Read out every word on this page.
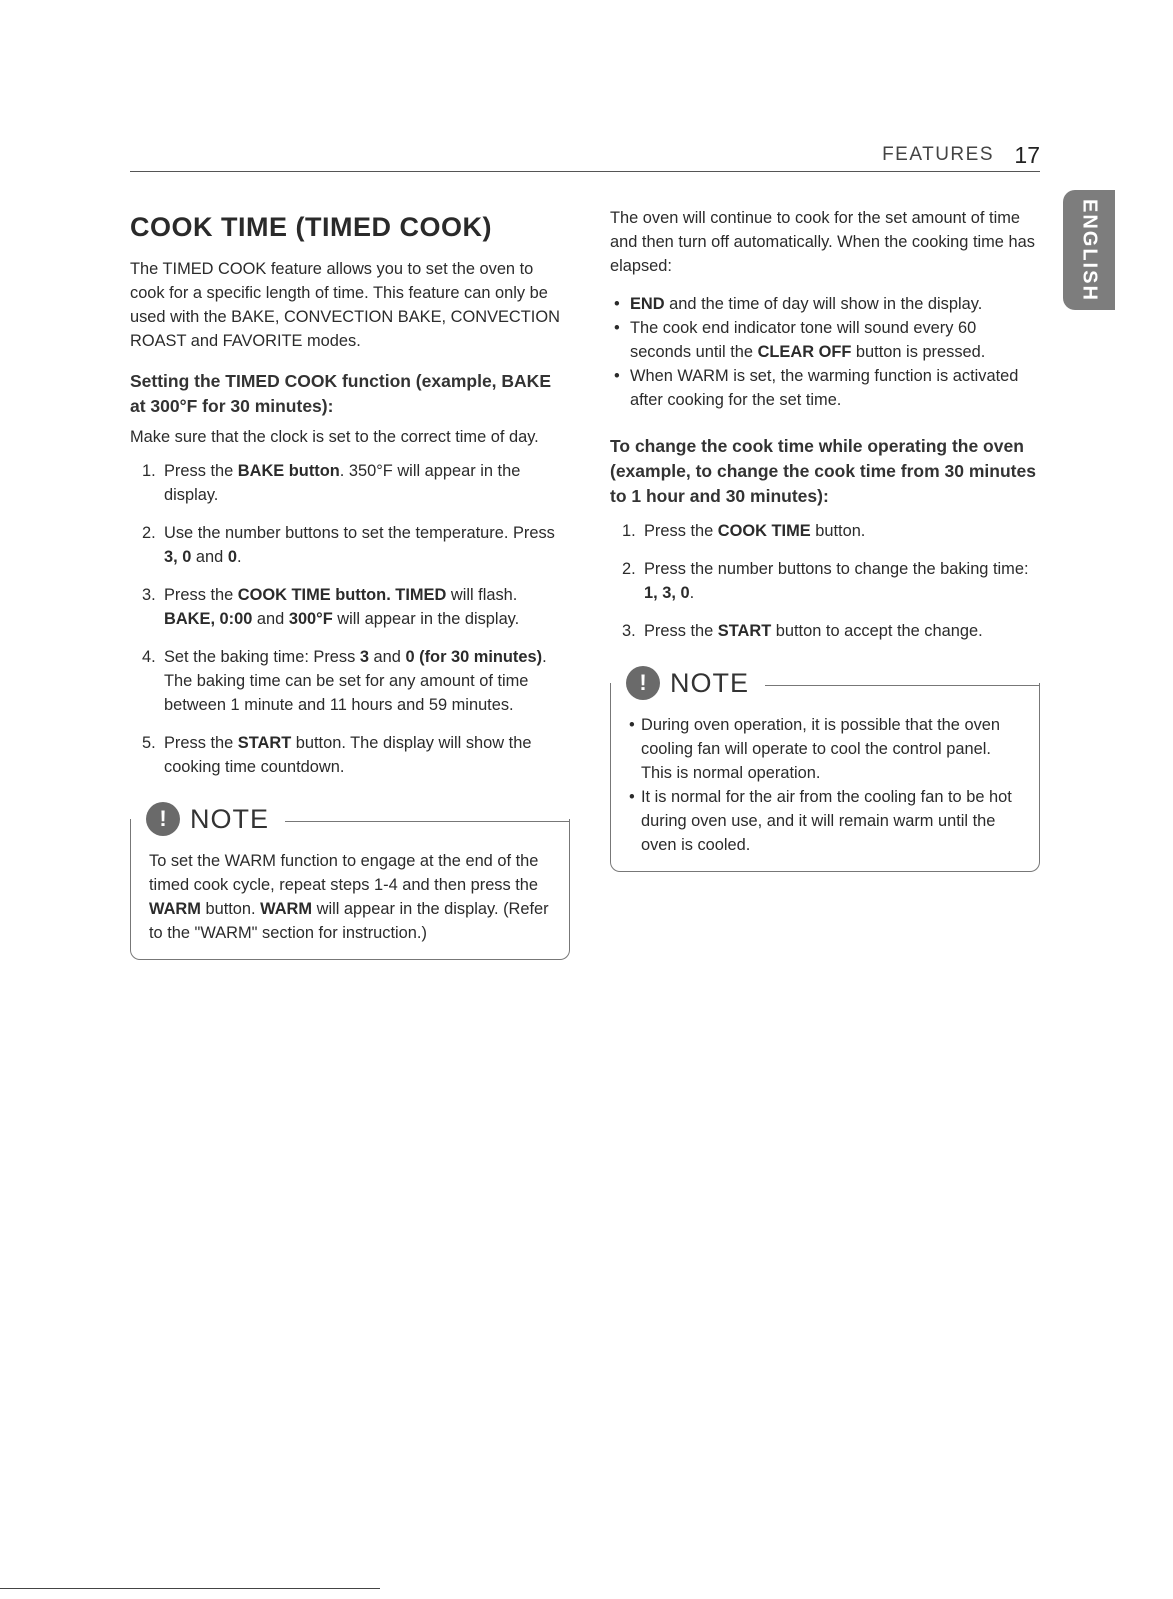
FEATURES 17
ENGLISH
COOK TIME (TIMED COOK)

The TIMED COOK feature allows you to set the oven to cook for a specific length of time. This feature can only be used with the BAKE, CONVECTION BAKE, CONVECTION ROAST and FAVORITE modes.

Setting the TIMED COOK function (example, BAKE at 300°F for 30 minutes):

Make sure that the clock is set to the correct time of day.

1. Press the BAKE button. 350°F will appear in the display.
2. Use the number buttons to set the temperature. Press 3, 0 and 0.
3. Press the COOK TIME button. TIMED will flash. BAKE, 0:00 and 300°F will appear in the display.
4. Set the baking time: Press 3 and 0 (for 30 minutes). The baking time can be set for any amount of time between 1 minute and 11 hours and 59 minutes.
5. Press the START button. The display will show the cooking time countdown.
! NOTE

To set the WARM function to engage at the end of the timed cook cycle, repeat steps 1-4 and then press the WARM button. WARM will appear in the display. (Refer to the "WARM" section for instruction.)

The oven will continue to cook for the set amount of time and then turn off automatically. When the cooking time has elapsed:

• END and the time of day will show in the display.
• The cook end indicator tone will sound every 60 seconds until the CLEAR OFF button is pressed.
• When WARM is set, the warming function is activated after cooking for the set time.
To change the cook time while operating the oven (example, to change the cook time from 30 minutes to 1 hour and 30 minutes):
1. Press the COOK TIME button.
2. Press the number buttons to change the baking time: 1, 3, 0.
3. Press the START button to accept the change.
! NOTE
• During oven operation, it is possible that the oven cooling fan will operate to cool the control panel. This is normal operation.
• It is normal for the air from the cooling fan to be hot during oven use, and it will remain warm until the oven is cooled.
